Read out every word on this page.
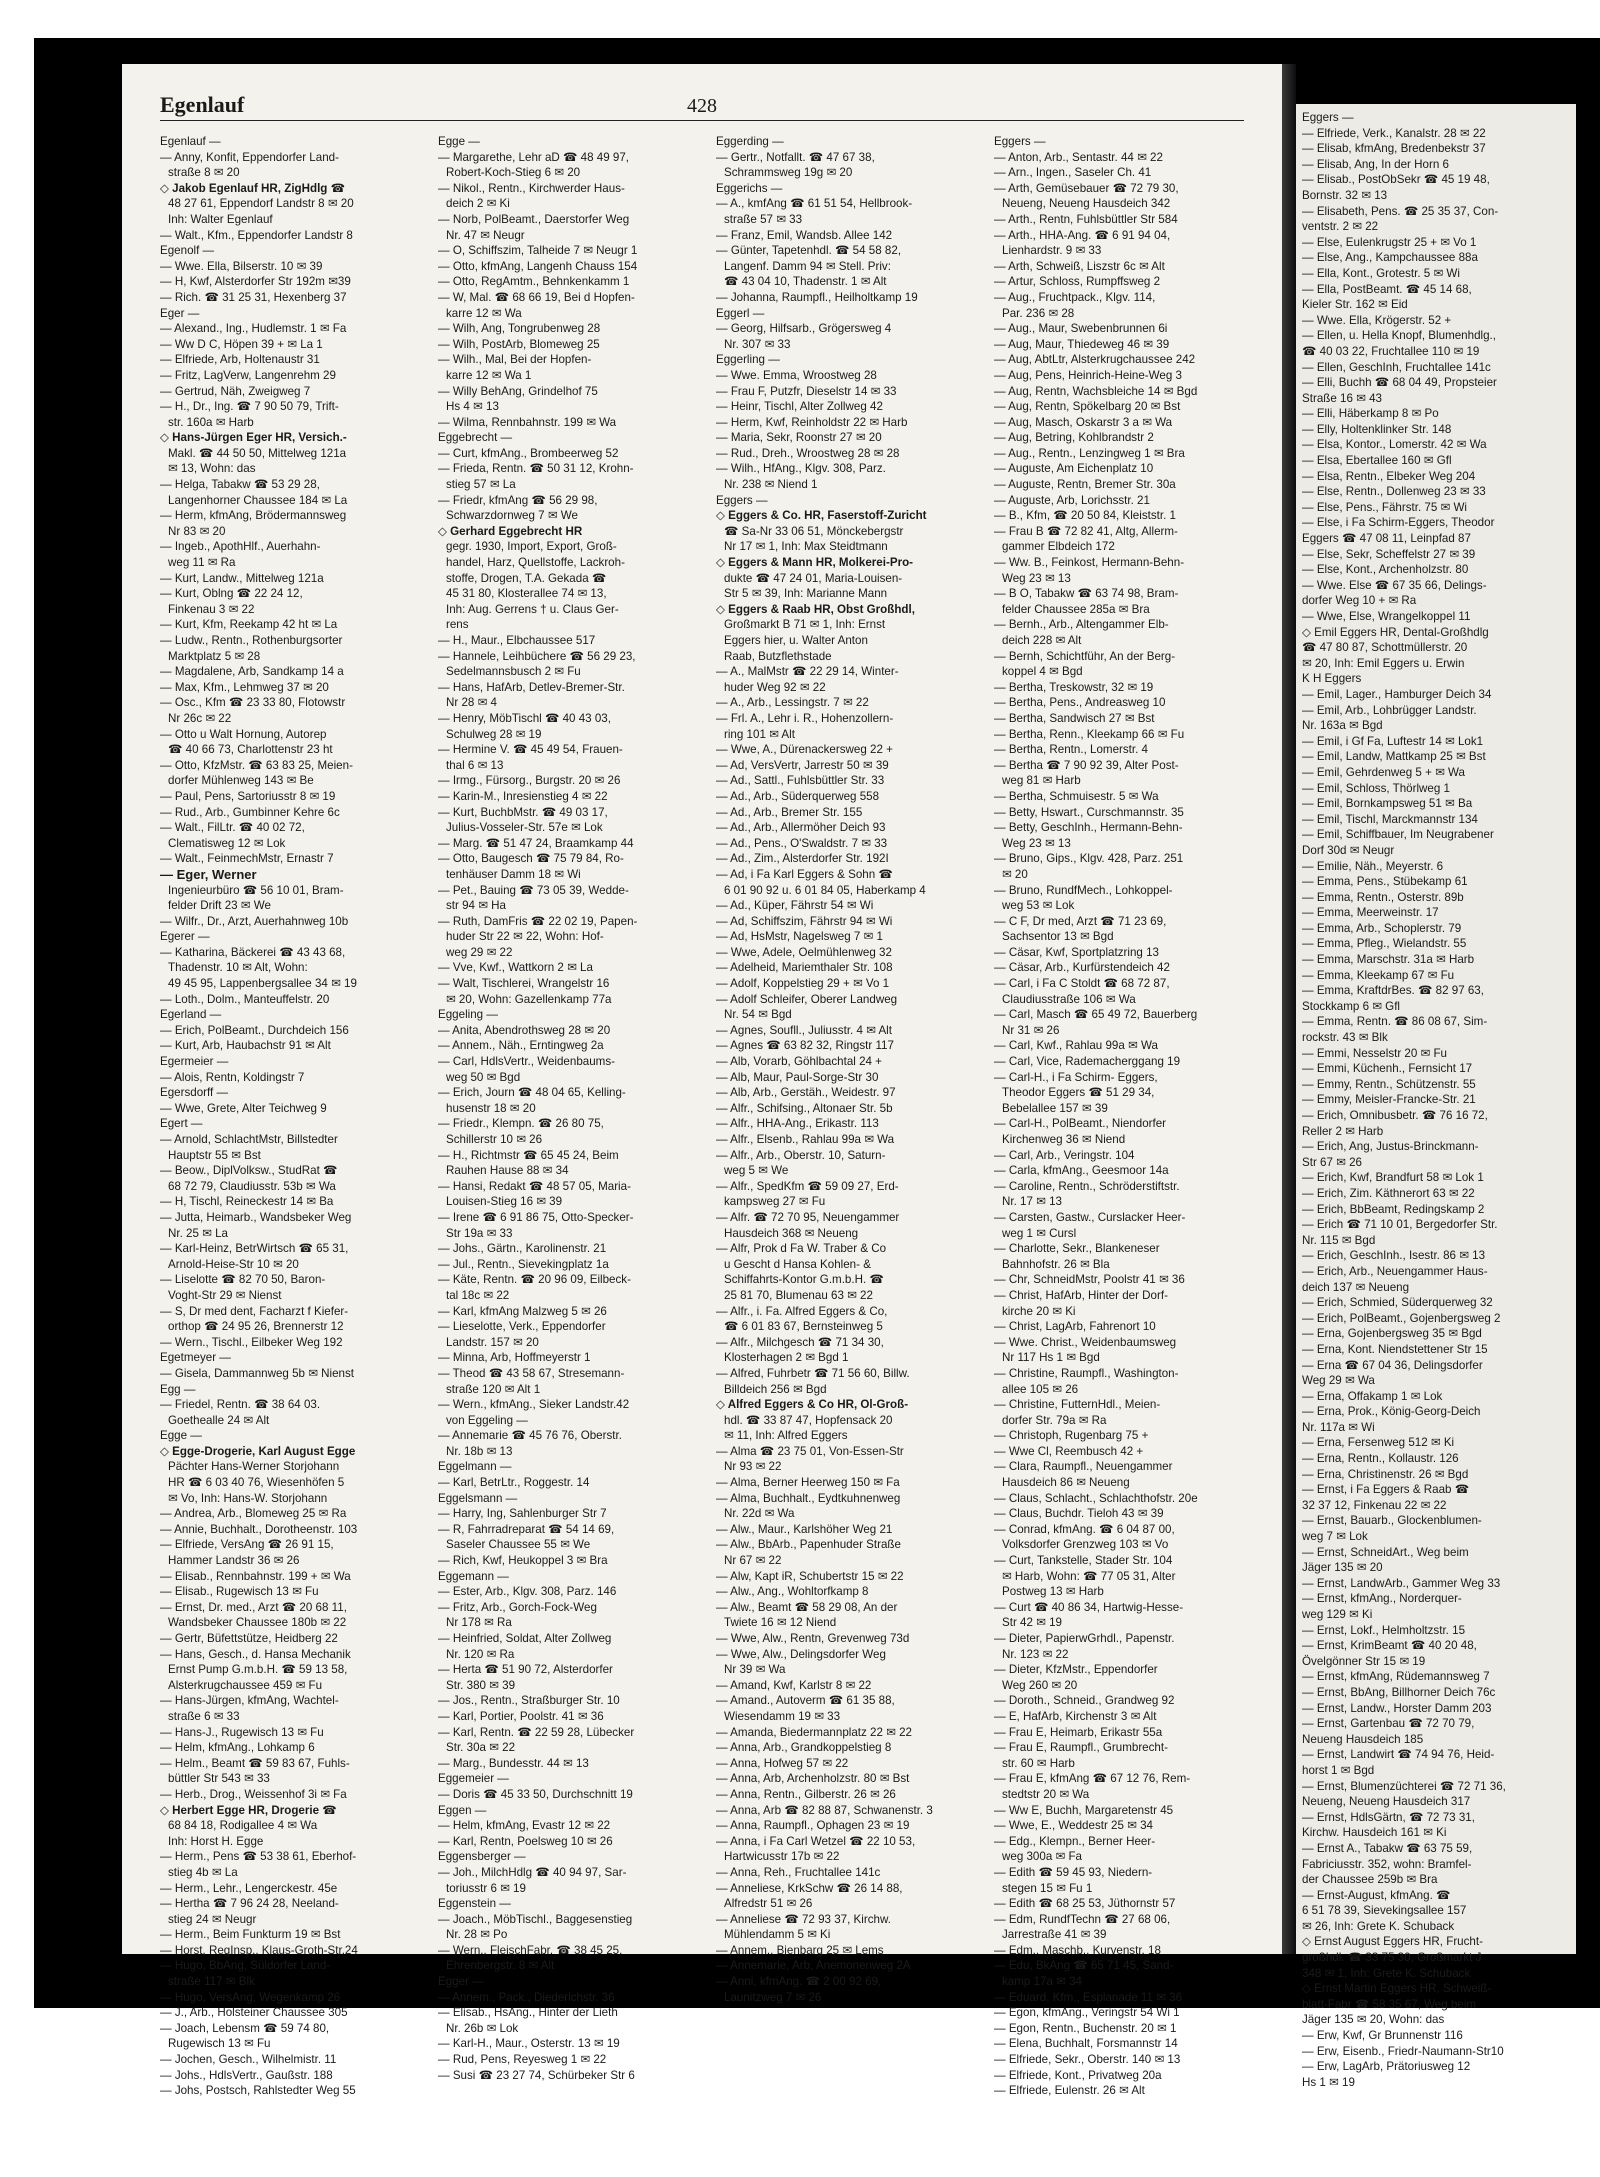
Egenlauf	428
Egenlauf —
— Anny, Konfit, Eppendorfer Land-
straße 8 ✉ 20
◇ Jakob Egenlauf HR, ZigHdlg ☎
48 27 61, Eppendorf Landstr 8 ✉ 20
Inh: Walter Egenlauf
— Walt., Kfm., Eppendorfer Landstr 8
Egenolf —
— Wwe. Ella, Bilserstr. 10 ✉ 39
— H, Kwf, Alsterdorfer Str 192m ✉39
— Rich. ☎ 31 25 31, Hexenberg 37
Eger —
— Alexand., Ing., Hudlemstr. 1 ✉ Fa
— Ww D C, Höpen 39 + ✉ La 1
— Elfriede, Arb, Holtenaustr 31
— Fritz, LagVerw, Langenrehm 29
— Gertrud, Näh, Zweigweg 7
— H., Dr., Ing. ☎ 7 90 50 79, Trift-
str. 160a ✉ Harb
◇ Hans-Jürgen Eger HR, Versich.-
Makl. ☎ 44 50 50, Mittelweg 121a
✉ 13, Wohn: das
— Helga, Tabakw ☎ 53 29 28,
Langenhorner Chaussee 184 ✉ La
— Herm, kfmAng, Brödermannsweg
Nr 83 ✉ 20
— Ingeb., ApothHlf., Auerhahn-
weg 11 ✉ Ra
— Kurt, Landw., Mittelweg 121a
— Kurt, Oblng ☎ 22 24 12,
Finkenau 3 ✉ 22
— Kurt, Kfm, Reekamp 42 ht ✉ La
— Ludw., Rentn., Rothenburgsorter
Marktplatz 5 ✉ 28
— Magdalene, Arb, Sandkamp 14 a
— Max, Kfm., Lehmweg 37 ✉ 20
— Osc., Kfm ☎ 23 33 80, Flotowstr
Nr 26c ✉ 22
— Otto u Walt Hornung, Autorep
☎ 40 66 73, Charlottenstr 23 ht
— Otto, KfzMstr. ☎ 63 83 25, Meien-
dorfer Mühlenweg 143 ✉ Be
— Paul, Pens, Sartoriusstr 8 ✉ 19
— Rud., Arb., Gumbinner Kehre 6c
— Walt., FilLtr. ☎ 40 02 72,
Clematisweg 12 ✉ Lok
— Walt., FeinmechMstr, Ernastr 7
— Eger, Werner
Ingenieurbüro ☎ 56 10 01, Bram-
felder Drift 23 ✉ We
— Wilfr., Dr., Arzt, Auerhahnweg 10b
Egerer —
— Katharina, Bäckerei ☎ 43 43 68,
Thadenstr. 10 ✉ Alt, Wohn:
49 45 95, Lappenbergsallee 34 ✉ 19
— Loth., Dolm., Manteuffelstr. 20
Egerland —
— Erich, PolBeamt., Durchdeich 156
— Kurt, Arb, Haubachstr 91 ✉ Alt
Egermeier —
— Alois, Rentn, Koldingstr 7
Egersdorff —
— Wwe, Grete, Alter Teichweg 9
Egert —
— Arnold, SchlachtMstr, Billstedter
Hauptstr 55 ✉ Bst
— Beow., DiplVolksw., StudRat ☎
68 72 79, Claudiusstr. 53b ✉ Wa
— H, Tischl, Reineckestr 14 ✉ Ba
— Jutta, Heimarb., Wandsbeker Weg
Nr. 25 ✉ La
— Karl-Heinz, BetrWirtsch ☎ 65 31,
Arnold-Heise-Str 10 ✉ 20
— Liselotte ☎ 82 70 50, Baron-
Voght-Str 29 ✉ Nienst
— S, Dr med dent, Facharzt f Kiefer-
orthop ☎ 24 95 26, Brennerstr 12
— Wern., Tischl., Eilbeker Weg 192
Egetmeyer —
— Gisela, Dammannweg 5b ✉ Nienst
Egg —
— Friedel, Rentn. ☎ 38 64 03.
Goethealle 24 ✉ Alt
Egge —
◇ Egge-Drogerie, Karl August Egge
Pächter Hans-Werner Storjohann
HR ☎ 6 03 40 76, Wiesenhöfen 5
✉ Vo, Inh: Hans-W. Storjohann
— Andrea, Arb., Blomeweg 25 ✉ Ra
— Annie, Buchhalt., Dorotheenstr. 103
— Elfriede, VersAng ☎ 26 91 15,
Hammer Landstr 36 ✉ 26
— Elisab., Rennbahnstr. 199 + ✉ Wa
— Elisab., Rugewisch 13 ✉ Fu
— Ernst, Dr. med., Arzt ☎ 20 68 11,
Wandsbeker Chaussee 180b ✉ 22
— Gertr, Büfettstütze, Heidberg 22
— Hans, Gesch., d. Hansa Mechanik
Ernst Pump G.m.b.H. ☎ 59 13 58,
Alsterkrugchaussee 459 ✉ Fu
— Hans-Jürgen, kfmAng, Wachtel-
straße 6 ✉ 33
— Hans-J., Rugewisch 13 ✉ Fu
— Helm, kfmAng., Lohkamp 6
— Helm., Beamt ☎ 59 83 67, Fuhls-
büttler Str 543 ✉ 33
— Herb., Drog., Weissenhof 3i ✉ Fa
◇ Herbert Egge HR, Drogerie ☎
68 84 18, Rodigallee 4 ✉ Wa
Inh: Horst H. Egge
— Herm., Pens ☎ 53 38 61, Eberhof-
stieg 4b ✉ La
— Herm., Lehr., Lengerckestr. 45e
— Hertha ☎ 7 96 24 28, Neeland-
stieg 24 ✉ Neugr
— Herm., Beim Funkturm 19 ✉ Bst
— Horst, RegInsp., Klaus-Groth-Str.24
— Hugo, BbAng, Süldorfer Land-
straße 117 ✉ Blk
— Hugo, VersAng, Wegenkamp 26
— J., Arb., Holsteiner Chaussee 305
— Joach, Lebensm ☎ 59 74 80,
Rugewisch 13 ✉ Fu
— Jochen, Gesch., Wilhelmistr. 11
— Johs., HdlsVertr., Gaußstr. 188
— Johs, Postsch, Rahlstedter Weg 55
Egge —
— Margarethe, Lehr aD ☎ 48 49 97,
Robert-Koch-Stieg 6 ✉ 20
— Nikol., Rentn., Kirchwerder Haus-
deich 2 ✉ Ki
— Norb, PolBeamt., Daerstorfer Weg
Nr. 47 ✉ Neugr
— O, Schiffszim, Talheide 7 ✉ Neugr 1
— Otto, kfmAng, Langenh Chauss 154
— Otto, RegAmtm., Behnkenkamm 1
— W, Mal. ☎ 68 66 19, Bei d Hopfen-
karre 12 ✉ Wa
— Wilh, Ang, Tongrubenweg 28
— Wilh, PostArb, Blomeweg 25
— Wilh., Mal, Bei der Hopfen-
karre 12 ✉ Wa 1
— Willy BehAng, Grindelhof 75
Hs 4 ✉ 13
— Wilma, Rennbahnstr. 199 ✉ Wa
Eggebrecht —
— Curt, kfmAng., Brombeerweg 52
— Frieda, Rentn. ☎ 50 31 12, Krohn-
stieg 57 ✉ La
— Friedr, kfmAng ☎ 56 29 98,
Schwarzdornweg 7 ✉ We
◇ Gerhard Eggebrecht HR
gegr. 1930, Import, Export, Groß-
handel, Harz, Quellstoffe, Lackroh-
stoffe, Drogen, T.A. Gekada ☎
45 31 80, Klosterallee 74 ✉ 13,
Inh: Aug. Gerrens † u. Claus Ger-
rens
— H., Maur., Elbchaussee 517
— Hannele, Leihbüchere ☎ 56 29 23,
Sedelmannsbusch 2 ✉ Fu
— Hans, HafArb, Detlev-Bremer-Str.
Nr 28 ✉ 4
— Henry, MöbTischl ☎ 40 43 03,
Schulweg 28 ✉ 19
— Hermine V. ☎ 45 49 54, Frauen-
thal 6 ✉ 13
— Irmg., Fürsorg., Burgstr. 20 ✉ 26
— Karin-M., Inresienstieg 4 ✉ 22
— Kurt, BuchbMstr. ☎ 49 03 17,
Julius-Vosseler-Str. 57e ✉ Lok
— Marg. ☎ 51 47 24, Braamkamp 44
— Otto, Baugesch ☎ 75 79 84, Ro-
tenhäuser Damm 18 ✉ Wi
— Pet., Bauing ☎ 73 05 39, Wedde-
str 94 ✉ Ha
— Ruth, DamFris ☎ 22 02 19, Papen-
huder Str 22 ✉ 22, Wohn: Hof-
weg 29 ✉ 22
— Vve, Kwf., Wattkorn 2 ✉ La
— Walt, Tischlerei, Wrangelstr 16
✉ 20, Wohn: Gazellenkamp 77a
Eggeling —
— Anita, Abendrothsweg 28 ✉ 20
— Annem., Näh., Erntingweg 2a
— Carl, HdlsVertr., Weidenbaums-
weg 50 ✉ Bgd
— Erich, Journ ☎ 48 04 65, Kelling-
husenstr 18 ✉ 20
— Friedr., Klempn. ☎ 26 80 75,
Schillerstr 10 ✉ 26
— H., Richtmstr ☎ 65 45 24, Beim
Rauhen Hause 88 ✉ 34
— Hansi, Redakt ☎ 48 57 05, Maria-
Louisen-Stieg 16 ✉ 39
— Irene ☎ 6 91 86 75, Otto-Specker-
Str 19a ✉ 33
— Johs., Gärtn., Karolinenstr. 21
— Jul., Rentn., Sievekingplatz 1a
— Käte, Rentn. ☎ 20 96 09, Eilbeck-
tal 18c ✉ 22
— Karl, kfmAng Malzweg 5 ✉ 26
— Lieselotte, Verk., Eppendorfer
Landstr. 157 ✉ 20
— Minna, Arb, Hoffmeyerstr 1
— Theod ☎ 43 58 67, Stresemann-
straße 120 ✉ Alt 1
— Wern., kfmAng., Sieker Landstr.42
von Eggeling —
— Annemarie ☎ 45 76 76, Oberstr.
Nr. 18b ✉ 13
Eggelmann —
— Karl, BetrLtr., Roggestr. 14
Eggelsmann —
— Harry, Ing, Sahlenburger Str 7
— R, Fahrradreparat ☎ 54 14 69,
Saseler Chaussee 55 ✉ We
— Rich, Kwf, Heukoppel 3 ✉ Bra
Eggemann —
— Ester, Arb., Klgv. 308, Parz. 146
— Fritz, Arb., Gorch-Fock-Weg
Nr 178 ✉ Ra
— Heinfried, Soldat, Alter Zollweg
Nr. 120 ✉ Ra
— Herta ☎ 51 90 72, Alsterdorfer
Str. 380 ✉ 39
— Jos., Rentn., Straßburger Str. 10
— Karl, Portier, Poolstr. 41 ✉ 36
— Karl, Rentn. ☎ 22 59 28, Lübecker
Str. 30a ✉ 22
— Marg., Bundesstr. 44 ✉ 13
Eggemeier —
— Doris ☎ 45 33 50, Durchschnitt 19
Eggen —
— Helm, kfmAng, Evastr 12 ✉ 22
— Karl, Rentn, Poelsweg 10 ✉ 26
Eggensberger —
— Joh., MilchHdlg ☎ 40 94 97, Sar-
toriusstr 6 ✉ 19
Eggenstein —
— Joach., MöbTischl., Baggesenstieg
Nr. 28 ✉ Po
— Wern., FleischFabr. ☎ 38 45 25,
Ehrenbergstr. 8 ✉ Alt
Egger —
— Annem., Pack., Diederichstr. 36
— Elisab., HsAng., Hinter der Lieth
Nr. 26b ✉ Lok
— Karl-H., Maur., Osterstr. 13 ✉ 19
— Rud, Pens, Reyesweg 1 ✉ 22
— Susi ☎ 23 27 74, Schürbeker Str 6
Eggerding —
— Gertr., Notfallt. ☎ 47 67 38,
Schrammsweg 19g ✉ 20
Eggerichs —
— A., kmfAng ☎ 61 51 54, Hellbrook-
straße 57 ✉ 33
— Franz, Emil, Wandsb. Allee 142
— Günter, Tapetenhdl. ☎ 54 58 82,
Langenf. Damm 94 ✉ Stell. Priv:
☎ 43 04 10, Thadenstr. 1 ✉ Alt
— Johanna, Raumpfl., Heilholtkamp 19
Eggerl —
— Georg, Hilfsarb., Grögersweg 4
Nr. 307 ✉ 33
Eggerling —
— Wwe. Emma, Wroostweg 28
— Frau F, Putzfr, Dieselstr 14 ✉ 33
— Heinr, Tischl, Alter Zollweg 42
— Herm, Kwf, Reinholdstr 22 ✉ Harb
— Maria, Sekr, Roonstr 27 ✉ 20
— Rud., Dreh., Wroostweg 28 ✉ 28
— Wilh., HfAng., Klgv. 308, Parz.
Nr. 238 ✉ Niend 1
Eggers —
◇ Eggers & Co. HR, Faserstoff-Zuricht
☎ Sa-Nr 33 06 51, Mönckebergstr
Nr 17 ✉ 1, Inh: Max Steidtmann
◇ Eggers & Mann HR, Molkerei-Pro-
dukte ☎ 47 24 01, Maria-Louisen-
Str 5 ✉ 39, Inh: Marianne Mann
◇ Eggers & Raab HR, Obst Großhdl,
Großmarkt B 71 ✉ 1, Inh: Ernst
Eggers hier, u. Walter Anton
Raab, Butzflethstade
— A., MalMstr ☎ 22 29 14, Winter-
huder Weg 92 ✉ 22
— A., Arb., Lessingstr. 7 ✉ 22
— Frl. A., Lehr i. R., Hohenzollern-
ring 101 ✉ Alt
— Wwe, A., Dürenackersweg 22 +
— Ad, VersVertr, Jarrestr 50 ✉ 39
— Ad., Sattl., Fuhlsbüttler Str. 33
— Ad., Arb., Süderquerweg 558
— Ad., Arb., Bremer Str. 155
— Ad., Arb., Allermöher Deich 93
— Ad., Pens., O'Swaldstr. 7 ✉ 33
— Ad., Zim., Alsterdorfer Str. 192I
— Ad, i Fa Karl Eggers & Sohn ☎
6 01 90 92 u. 6 01 84 05, Haberkamp 4
— Ad., Küper, Fährstr 54 ✉ Wi
— Ad, Schiffszim, Fährstr 94 ✉ Wi
— Ad, HsMstr, Nagelsweg 7 ✉ 1
— Wwe, Adele, Oelmühlenweg 32
— Adelheid, Mariemthaler Str. 108
— Adolf, Koppelstieg 29 + ✉ Vo 1
— Adolf Schleifer, Oberer Landweg
Nr. 54 ✉ Bgd
— Agnes, Soufll., Juliusstr. 4 ✉ Alt
— Agnes ☎ 63 82 32, Ringstr 117
— Alb, Vorarb, Göhlbachtal 24 +
— Alb, Maur, Paul-Sorge-Str 30
— Alb, Arb., Gerstäh., Weidestr. 97
— Alfr., Schifsing., Altonaer Str. 5b
— Alfr., HHA-Ang., Erikastr. 113
— Alfr., Elsenb., Rahlau 99a ✉ Wa
— Alfr., Arb., Oberstr. 10, Saturn-
weg 5 ✉ We
— Alfr., SpedKfm ☎ 59 09 27, Erd-
kampsweg 27 ✉ Fu
— Alfr. ☎ 72 70 95, Neuengammer
Hausdeich 368 ✉ Neueng
— Alfr, Prok d Fa W. Traber & Co
u Gescht d Hansa Kohlen- &
Schiffahrts-Kontor G.m.b.H. ☎
25 81 70, Blumenau 63 ✉ 22
— Alfr., i. Fa. Alfred Eggers & Co,
☎ 6 01 83 67, Bernsteinweg 5
— Alfr., Milchgesch ☎ 71 34 30,
Klosterhagen 2 ✉ Bgd 1
— Alfred, Fuhrbetr ☎ 71 56 60, Billw.
Billdeich 256 ✉ Bgd
◇ Alfred Eggers & Co HR, Ol-Groß-
hdl. ☎ 33 87 47, Hopfensack 20
✉ 11, Inh: Alfred Eggers
— Alma ☎ 23 75 01, Von-Essen-Str
Nr 93 ✉ 22
— Alma, Berner Heerweg 150 ✉ Fa
— Alma, Buchhalt., Eydtkuhnenweg
Nr. 22d ✉ Wa
— Alw., Maur., Karlshöher Weg 21
— Alw., BbArb., Papenhuder Straße
Nr 67 ✉ 22
— Alw, Kapt iR, Schubertstr 15 ✉ 22
— Alw., Ang., Wohltorfkamp 8
— Alw., Beamt ☎ 58 29 08, An der
Twiete 16 ✉ 12 Niend
— Wwe, Alw., Rentn, Grevenweg 73d
— Wwe, Alw., Delingsdorfer Weg
Nr 39 ✉ Wa
— Amand, Kwf, Karlstr 8 ✉ 22
— Amand., Autoverm ☎ 61 35 88,
Wiesendamm 19 ✉ 33
— Amanda, Biedermannplatz 22 ✉ 22
— Anna, Arb., Grandkoppelstieg 8
— Anna, Hofweg 57 ✉ 22
— Anna, Arb, Archenholzstr. 80 ✉ Bst
— Anna, Rentn., Gilberstr. 26 ✉ 26
— Anna, Arb ☎ 82 88 87, Schwanenstr. 3
— Anna, Raumpfl., Ophagen 23 ✉ 19
— Anna, i Fa Carl Wetzel ☎ 22 10 53,
Hartwicusstr 17b ✉ 22
— Anna, Reh., Fruchtallee 141c
— Anneliese, KrkSchw ☎ 26 14 88,
Alfredstr 51 ✉ 26
— Anneliese ☎ 72 93 37, Kirchw.
Mühlendamm 5 ✉ Ki
— Annem., Bienbarg 25 ✉ Lems
— Annemarie, Arb, Anemonenweg 2A
— Anni, kfmAng. ☎ 2 00 92 69,
Launitzweg 7 ✉ 26
Eggers —
— Anton, Arb., Sentastr. 44 ✉ 22
— Arn., Ingen., Saseler Ch. 41
— Arth, Gemüsebauer ☎ 72 79 30,
Neueng, Neueng Hausdeich 342
— Arth., Rentn, Fuhlsbüttler Str 584
— Arth., HHA-Ang. ☎ 6 91 94 04,
Lienhardstr. 9 ✉ 33
— Arth, Schweiß, Liszstr 6c ✉ Alt
— Artur, Schloss, Rumpffsweg 2
— Aug., Fruchtpack., Klgv. 114,
Par. 236 ✉ 28
— Aug., Maur, Swebenbrunnen 6i
— Aug, Maur, Thiedeweg 46 ✉ 39
— Aug, AbtLtr, Alsterkrugchaussee 242
— Aug, Pens, Heinrich-Heine-Weg 3
— Aug, Rentn, Wachsbleiche 14 ✉ Bgd
— Aug, Rentn, Spökelbarg 20 ✉ Bst
— Aug, Masch, Oskarstr 3 a ✉ Wa
— Aug, Betring, Kohlbrandstr 2
— Aug., Rentn., Lenzingweg 1 ✉ Bra
— Auguste, Am Eichenplatz 10
— Auguste, Rentn, Bremer Str. 30a
— Auguste, Arb, Lorichsstr. 21
— B., Kfm, ☎ 20 50 84, Kleiststr. 1
— Frau B ☎ 72 82 41, Altg, Allerm-
gammer Elbdeich 172
— Ww. B., Feinkost, Hermann-Behn-
Weg 23 ✉ 13
— B O, Tabakw ☎ 63 74 98, Bram-
felder Chaussee 285a ✉ Bra
— Bernh., Arb., Altengammer Elb-
deich 228 ✉ Alt
— Bernh, Schichtführ, An der Berg-
koppel 4 ✉ Bgd
— Bertha, Treskowstr, 32 ✉ 19
— Bertha, Pens., Andreasweg 10
— Bertha, Sandwisch 27 ✉ Bst
— Bertha, Renn., Kleekamp 66 ✉ Fu
— Bertha, Rentn., Lomerstr. 4
— Bertha ☎ 7 90 92 39, Alter Post-
weg 81 ✉ Harb
— Bertha, Schmuisestr. 5 ✉ Wa
— Betty, Hswart., Curschmannstr. 35
— Betty, GeschInh., Hermann-Behn-
Weg 23 ✉ 13
— Bruno, Gips., Klgv. 428, Parz. 251
✉ 20
— Bruno, RundfMech., Lohkoppel-
weg 53 ✉ Lok
— C F, Dr med, Arzt ☎ 71 23 69,
Sachsentor 13 ✉ Bgd
— Cäsar, Kwf, Sportplatzring 13
— Cäsar, Arb., Kurfürstendeich 42
— Carl, i Fa C Stoldt ☎ 68 72 87,
Claudiusstraße 106 ✉ Wa
— Carl, Masch ☎ 65 49 72, Bauerberg
Nr 31 ✉ 26
— Carl, Kwf., Rahlau 99a ✉ Wa
— Carl, Vice, Rademacherggang 19
— Carl-H., i Fa Schirm- Eggers,
Theodor Eggers ☎ 51 29 34,
Bebelallee 157 ✉ 39
— Carl-H., PolBeamt., Niendorfer
Kirchenweg 36 ✉ Niend
— Carl, Arb., Veringstr. 104
— Carla, kfmAng., Geesmoor 14a
— Caroline, Rentn., Schröderstiftstr.
Nr. 17 ✉ 13
— Carsten, Gastw., Curslacker Heer-
weg 1 ✉ Cursl
— Charlotte, Sekr., Blankeneser
Bahnhofstr. 26 ✉ Bla
— Chr, SchneidMstr, Poolstr 41 ✉ 36
— Christ, HafArb, Hinter der Dorf-
kirche 20 ✉ Ki
— Christ, LagArb, Fahrenort 10
— Wwe. Christ., Weidenbaumsweg
Nr 117 Hs 1 ✉ Bgd
— Christine, Raumpfl., Washington-
allee 105 ✉ 26
— Christine, FutternHdl., Meien-
dorfer Str. 79a ✉ Ra
— Christoph, Rugenbarg 75 +
— Wwe Cl, Reembusch 42 +
— Clara, Raumpfl., Neuengammer
Hausdeich 86 ✉ Neueng
— Claus, Schlacht., Schlachthofstr. 20e
— Claus, Buchdr. Tieloh 43 ✉ 39
— Conrad, kfmAng. ☎ 6 04 87 00,
Volksdorfer Grenzweg 103 ✉ Vo
— Curt, Tankstelle, Stader Str. 104
✉ Harb, Wohn: ☎ 77 05 31, Alter
Postweg 13 ✉ Harb
— Curt ☎ 40 86 34, Hartwig-Hesse-
Str 42 ✉ 19
— Dieter, PapierwGrhdl., Papenstr.
Nr. 123 ✉ 22
— Dieter, KfzMstr., Eppendorfer
Weg 260 ✉ 20
— Doroth., Schneid., Grandweg 92
— E, HafArb, Kirchenstr 3 ✉ Alt
— Frau E, Heimarb, Erikastr 55a
— Frau E, Raumpfl., Grumbrecht-
str. 60 ✉ Harb
— Frau E, kfmAng ☎ 67 12 76, Rem-
stedtstr 20 ✉ Wa
— Ww E, Buchh, Margaretenstr 45
— Wwe, E., Weddestr 25 ✉ 34
— Edg., Klempn., Berner Heer-
weg 300a ✉ Fa
— Edith ☎ 59 45 93, Niedern-
stegen 15 ✉ Fu 1
— Edith ☎ 68 25 53, Jüthornstr 57
— Edm, RundfTechn ☎ 27 68 06,
Jarrestraße 41 ✉ 39
— Edm., Maschb., Kurvenstr. 18
— Edu, BkAng ☎ 65 71 45, Sand-
kamp 17a ✉ 34
— Eduard, Kfm., Esplanade 11 ✉ 36
— Egon, kfmAng., Veringstr 54 Wi 1
— Egon, Rentn., Buchenstr. 20 ✉ 1
— Elena, Buchhalt, Forsmannstr 14
— Elfriede, Sekr., Oberstr. 140 ✉ 13
— Elfriede, Kont., Privatweg 20a
— Elfriede, Eulenstr. 26 ✉ Alt
Eggers —
— Elfriede, Verk., Kanalstr. 28 ✉ 22
— Elisab, kfmAng, Bredenbekstr 37
— Elisab, Ang, In der Horn 6
— Elisab., PostObSekr ☎ 45 19 48,
Bornstr. 32 ✉ 13
— Elisabeth, Pens. ☎ 25 35 37, Con-
ventstr. 2 ✉ 22
— Else, Eulenkrugstr 25 + ✉ Vo 1
— Else, Ang., Kampchaussee 88a
— Ella, Kont., Grotestr. 5 ✉ Wi
— Ella, PostBeamt. ☎ 45 14 68,
Kieler Str. 162 ✉ Eid
— Wwe. Ella, Krögerstr. 52 +
— Ellen, u. Hella Knopf, Blumenhdlg.,
☎ 40 03 22, Fruchtallee 110 ✉ 19
— Ellen, GeschInh, Fruchtallee 141c
— Elli, Buchh ☎ 68 04 49, Propsteier
Straße 16 ✉ 43
— Elli, Häberkamp 8 ✉ Po
— Elly, Holtenklinker Str. 148
— Elsa, Kontor., Lomerstr. 42 ✉ Wa
— Elsa, Ebertallee 160 ✉ Gfl
— Elsa, Rentn., Elbeker Weg 204
— Else, Rentn., Dollenweg 23 ✉ 33
— Else, Pens., Fährstr. 75 ✉ Wi
— Else, i Fa Schirm-Eggers, Theodor
Eggers ☎ 47 08 11, Leinpfad 87
— Else, Sekr, Scheffelstr 27 ✉ 39
— Else, Kont., Archenholzstr. 80
— Wwe. Else ☎ 67 35 66, Delings-
dorfer Weg 10 + ✉ Ra
— Wwe, Else, Wrangelkoppel 11
◇ Emil Eggers HR, Dental-Großhdlg
☎ 47 80 87, Schottmüllerstr. 20
✉ 20, Inh: Emil Eggers u. Erwin
K H Eggers
— Emil, Lager., Hamburger Deich 34
— Emil, Arb., Lohbrügger Landstr.
Nr. 163a ✉ Bgd
— Emil, i Gf Fa, Luftestr 14 ✉ Lok1
— Emil, Landw, Mattkamp 25 ✉ Bst
— Emil, Gehrdenweg 5 + ✉ Wa
— Emil, Schloss, Thörlweg 1
— Emil, Bornkampsweg 51 ✉ Ba
— Emil, Tischl, Marckmannstr 134
— Emil, Schiffbauer, Im Neugrabener
Dorf 30d ✉ Neugr
— Emilie, Näh., Meyerstr. 6
— Emma, Pens., Stübekamp 61
— Emma, Rentn., Osterstr. 89b
— Emma, Meerweinstr. 17
— Emma, Arb., Schoplerstr. 79
— Emma, Pfleg., Wielandstr. 55
— Emma, Marschstr. 31a ✉ Harb
— Emma, Kleekamp 67 ✉ Fu
— Emma, KraftdrBes. ☎ 82 97 63,
Stockkamp 6 ✉ Gfl
— Emma, Rentn. ☎ 86 08 67, Sim-
rockstr. 43 ✉ Blk
— Emmi, Nesselstr 20 ✉ Fu
— Emmi, Küchenh., Fernsicht 17
— Emmy, Rentn., Schützenstr. 55
— Emmy, Meisler-Francke-Str. 21
— Erich, Omnibusbetr. ☎ 76 16 72,
Reller 2 ✉ Harb
— Erich, Ang, Justus-Brinckmann-
Str 67 ✉ 26
— Erich, Kwf, Brandfurt 58 ✉ Lok 1
— Erich, Zim. Käthnerort 63 ✉ 22
— Erich, BbBeamt, Redingskamp 2
— Erich ☎ 71 10 01, Bergedorfer Str.
Nr. 115 ✉ Bgd
— Erich, GeschInh., Isestr. 86 ✉ 13
— Erich, Arb., Neuengammer Haus-
deich 137 ✉ Neueng
— Erich, Schmied, Süderquerweg 32
— Erich, PolBeamt., Gojenbergsweg 2
— Erna, Gojenbergsweg 35 ✉ Bgd
— Erna, Kont. Niendstettener Str 15
— Erna ☎ 67 04 36, Delingsdorfer
Weg 29 ✉ Wa
— Erna, Offakamp 1 ✉ Lok
— Erna, Prok., König-Georg-Deich
Nr. 117a ✉ Wi
— Erna, Fersenweg 512 ✉ Ki
— Erna, Rentn., Kollaustr. 126
— Erna, Christinenstr. 26 ✉ Bgd
— Ernst, i Fa Eggers & Raab ☎
32 37 12, Finkenau 22 ✉ 22
— Ernst, Bauarb., Glockenblumen-
weg 7 ✉ Lok
— Ernst, SchneidArt., Weg beim
Jäger 135 ✉ 20
— Ernst, LandwArb., Gammer Weg 33
— Ernst, kfmAng., Norderquer-
weg 129 ✉ Ki
— Ernst, Lokf., Helmholtzstr. 15
— Ernst, KrimBeamt ☎ 40 20 48,
Övelgönner Str 15 ✉ 19
— Ernst, kfmAng, Rüdemannsweg 7
— Ernst, BbAng, Billhorner Deich 76c
— Ernst, Landw., Horster Damm 203
— Ernst, Gartenbau ☎ 72 70 79,
Neueng Hausdeich 185
— Ernst, Landwirt ☎ 74 94 76, Heid-
horst 1 ✉ Bgd
— Ernst, Blumenzüchterei ☎ 72 71 36,
Neueng, Neueng Hausdeich 317
— Ernst, HdlsGärtn, ☎ 72 73 31,
Kirchw. Hausdeich 161 ✉ Ki
— Ernst A., Tabakw ☎ 63 75 59,
Fabriciusstr. 352, wohn: Bramfel-
der Chaussee 259b ✉ Bra
— Ernst-August, kfmAng. ☎
6 51 78 39, Sievekingsallee 157
✉ 26, Inh: Grete K. Schuback
◇ Ernst August Eggers HR, Frucht-
großhdl. ☎ 33 75 30, Großmarkt J
348 ✉ 1, Inh: Grete K. Schuback
◇ Ernst Martin Eggers HR, Schweiß-
blatt-Fabr ☎ 58 35 67, Weg beim
Jäger 135 ✉ 20, Wohn: das
— Erw, Kwf, Gr Brunnenstr 116
— Erw, Eisenb., Friedr-Naumann-Str10
— Erw, LagArb, Prätoriusweg 12
Hs 1 ✉ 19
